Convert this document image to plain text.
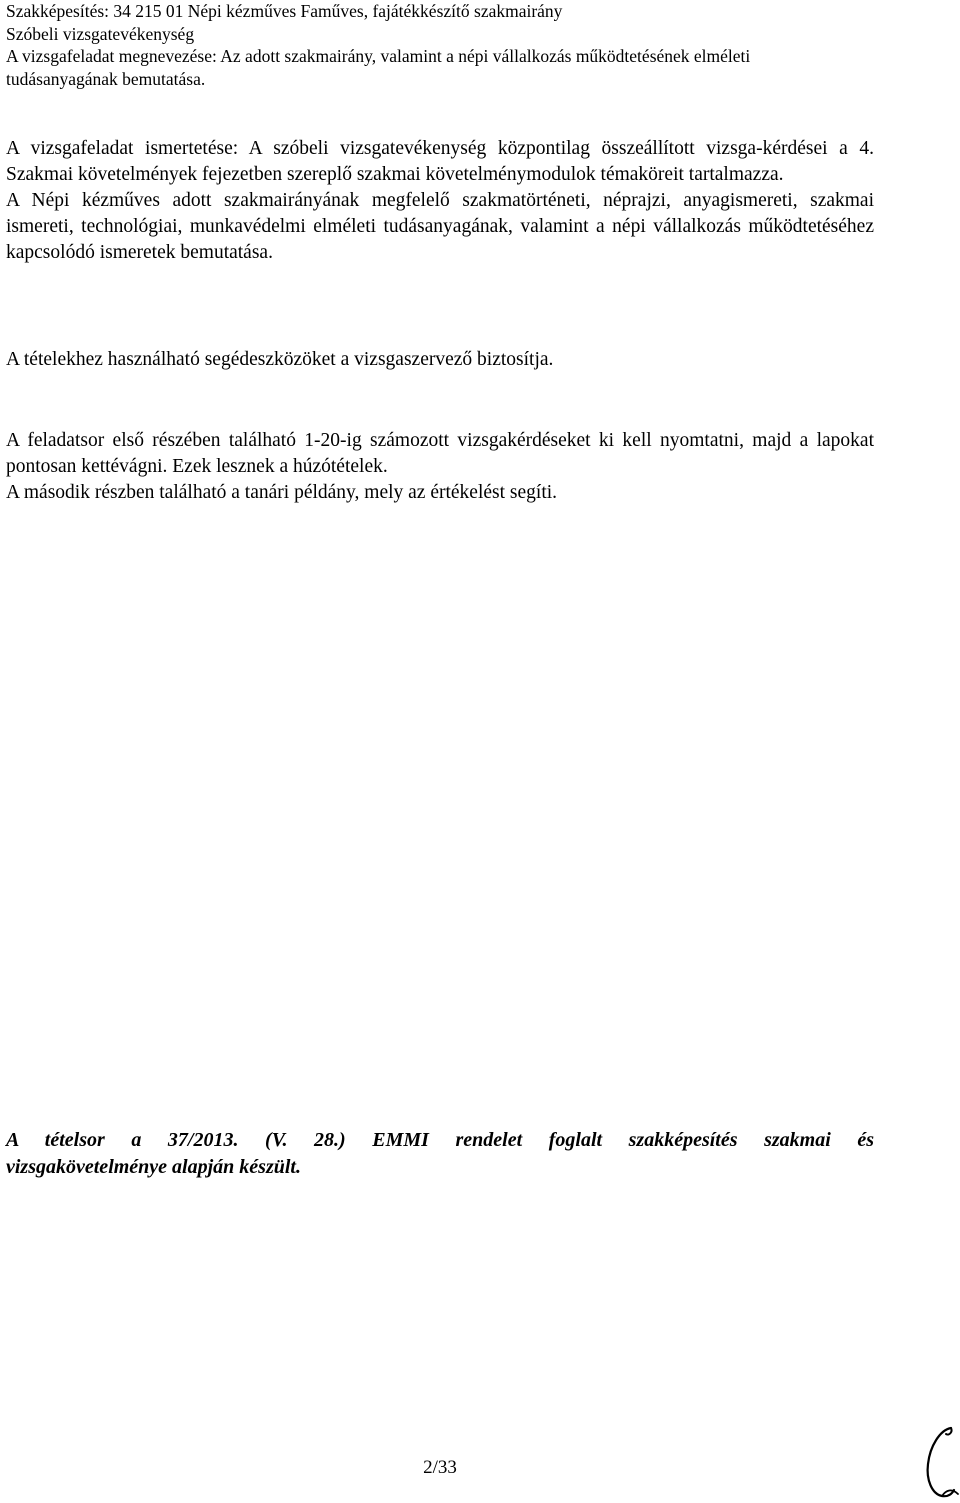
Szakképesítés: 34 215 01 Népi kézműves Faműves, fajátékkészítő szakmairány
Szóbeli vizsgatevékenység
A vizsgafeladat megnevezése: Az adott szakmairány, valamint a népi vállalkozás működtetésének elméleti
tudásanyagának bemutatása.

A vizsgafeladat ismertetése: A szóbeli vizsgatevékenység központilag összeállított vizsga-kérdései a 4. Szakmai követelmények fejezetben szereplő szakmai követelménymodulok témaköreit tartalmazza.

A Népi kézműves adott szakmairányának megfelelő szakmatörténeti, néprajzi, anyagismereti, szakmai ismereti, technológiai, munkavédelmi elméleti tudásanyagának, valamint a népi vállalkozás működtetéséhez kapcsolódó ismeretek bemutatása.

A tételekhez használható segédeszközöket a vizsgaszervező biztosítja.

A feladatsor első részében található 1-20-ig számozott vizsgakérdéseket ki kell nyomtatni, majd a lapokat pontosan kettévágni. Ezek lesznek a húzótételek.

A második részben található a tanári példány, mely az értékelést segíti.

A tételsor a 37/2013. (V. 28.) EMMI rendelet foglalt szakképesítés szakmai és
vizsgakövetelménye alapján készült.
2/33
